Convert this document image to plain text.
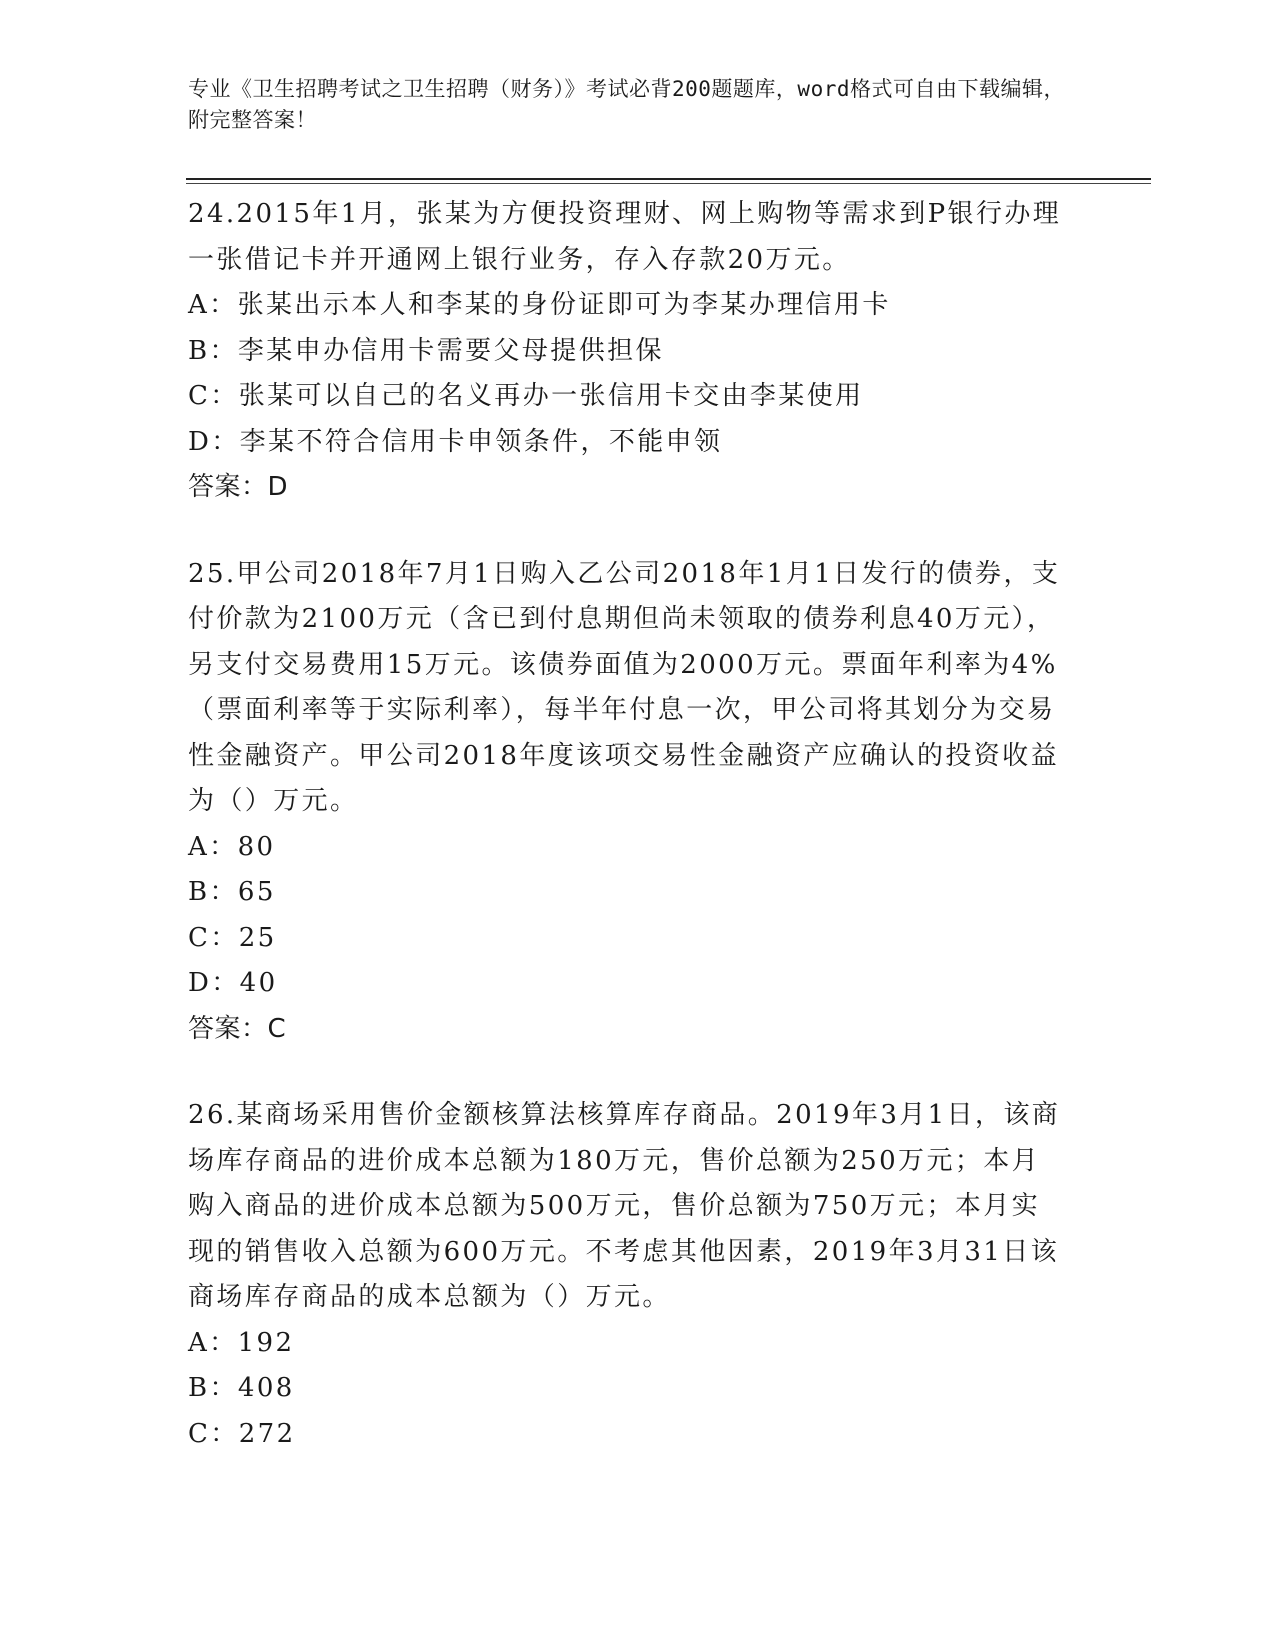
专业《卫生招聘考试之卫生招聘（财务）》考试必背200题题库，word格式可自由下载编辑，附完整答案！
24.2015年1月，张某为方便投资理财、网上购物等需求到P银行办理一张借记卡并开通网上银行业务，存入存款20万元。
A：张某出示本人和李某的身份证即可为李某办理信用卡
B：李某申办信用卡需要父母提供担保
C：张某可以自己的名义再办一张信用卡交由李某使用
D：李某不符合信用卡申领条件，不能申领
答案：D
25.甲公司2018年7月1日购入乙公司2018年1月1日发行的债券，支付价款为2100万元（含已到付息期但尚未领取的债券利息40万元），另支付交易费用15万元。该债券面值为2000万元。票面年利率为4%（票面利率等于实际利率），每半年付息一次，甲公司将其划分为交易性金融资产。甲公司2018年度该项交易性金融资产应确认的投资收益为（）万元。
A：80
B：65
C：25
D：40
答案：C
26.某商场采用售价金额核算法核算库存商品。2019年3月1日，该商场库存商品的进价成本总额为180万元，售价总额为250万元；本月购入商品的进价成本总额为500万元，售价总额为750万元；本月实现的销售收入总额为600万元。不考虑其他因素，2019年3月31日该商场库存商品的成本总额为（）万元。
A：192
B：408
C：272
